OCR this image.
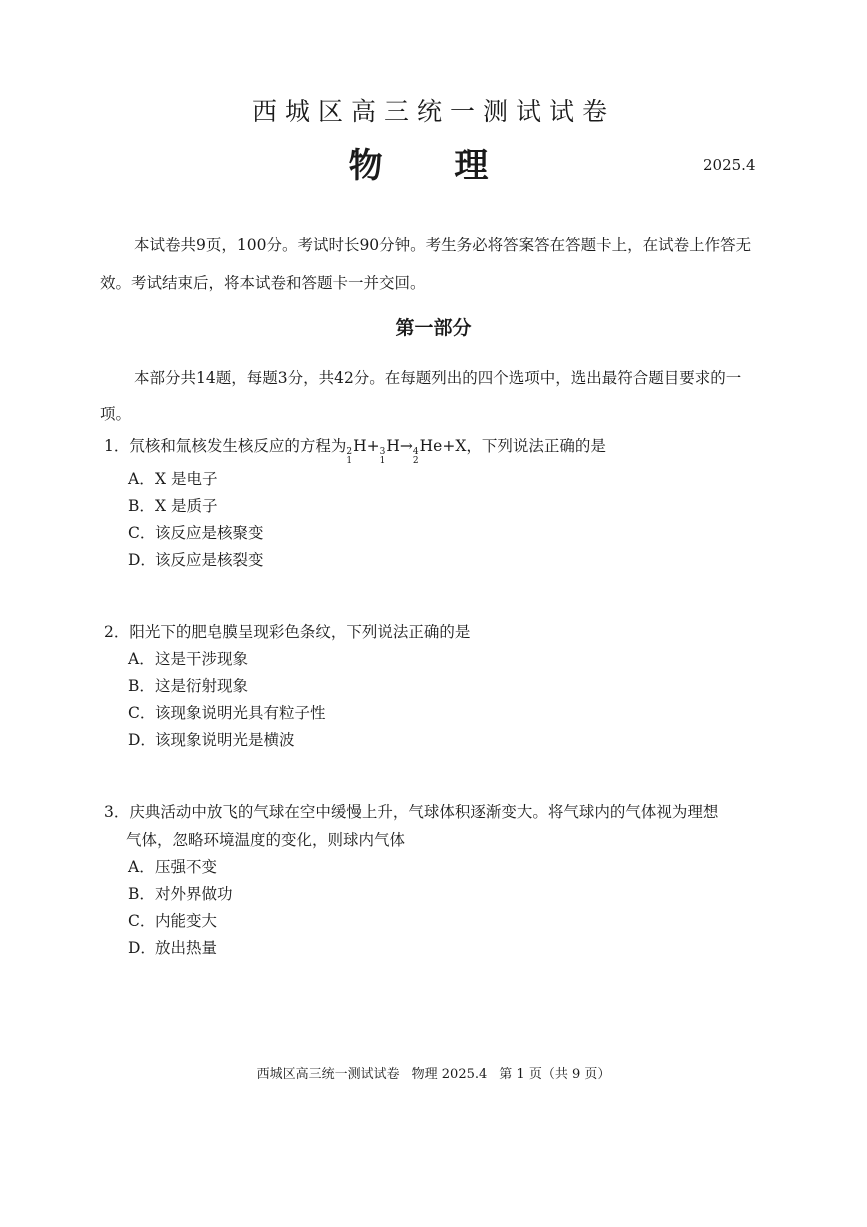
西城区高三统一测试试卷
物 理	2025.4
本试卷共9页，100分。考试时长90分钟。考生务必将答案答在答题卡上，在试卷上作答无效。考试结束后，将本试卷和答题卡一并交回。
第一部分
本部分共14题，每题3分，共42分。在每题列出的四个选项中，选出最符合题目要求的一项。
1．氘核和氚核发生核反应的方程为 2
1
H+ 3
1
H→ 4
2
He+X，下列说法正确的是
A．X 是电子
B．X 是质子
C．该反应是核聚变
D．该反应是核裂变
2．阳光下的肥皂膜呈现彩色条纹，下列说法正确的是
A．这是干涉现象
B．这是衍射现象
C．该现象说明光具有粒子性
D．该现象说明光是横波
3．庆典活动中放飞的气球在空中缓慢上升，气球体积逐渐变大。将气球内的气体视为理想
气体，忽略环境温度的变化，则球内气体
A．压强不变
B．对外界做功
C．内能变大
D．放出热量
西城区高三统一测试试卷 物理 2025.4 第 1 页（共 9 页）
